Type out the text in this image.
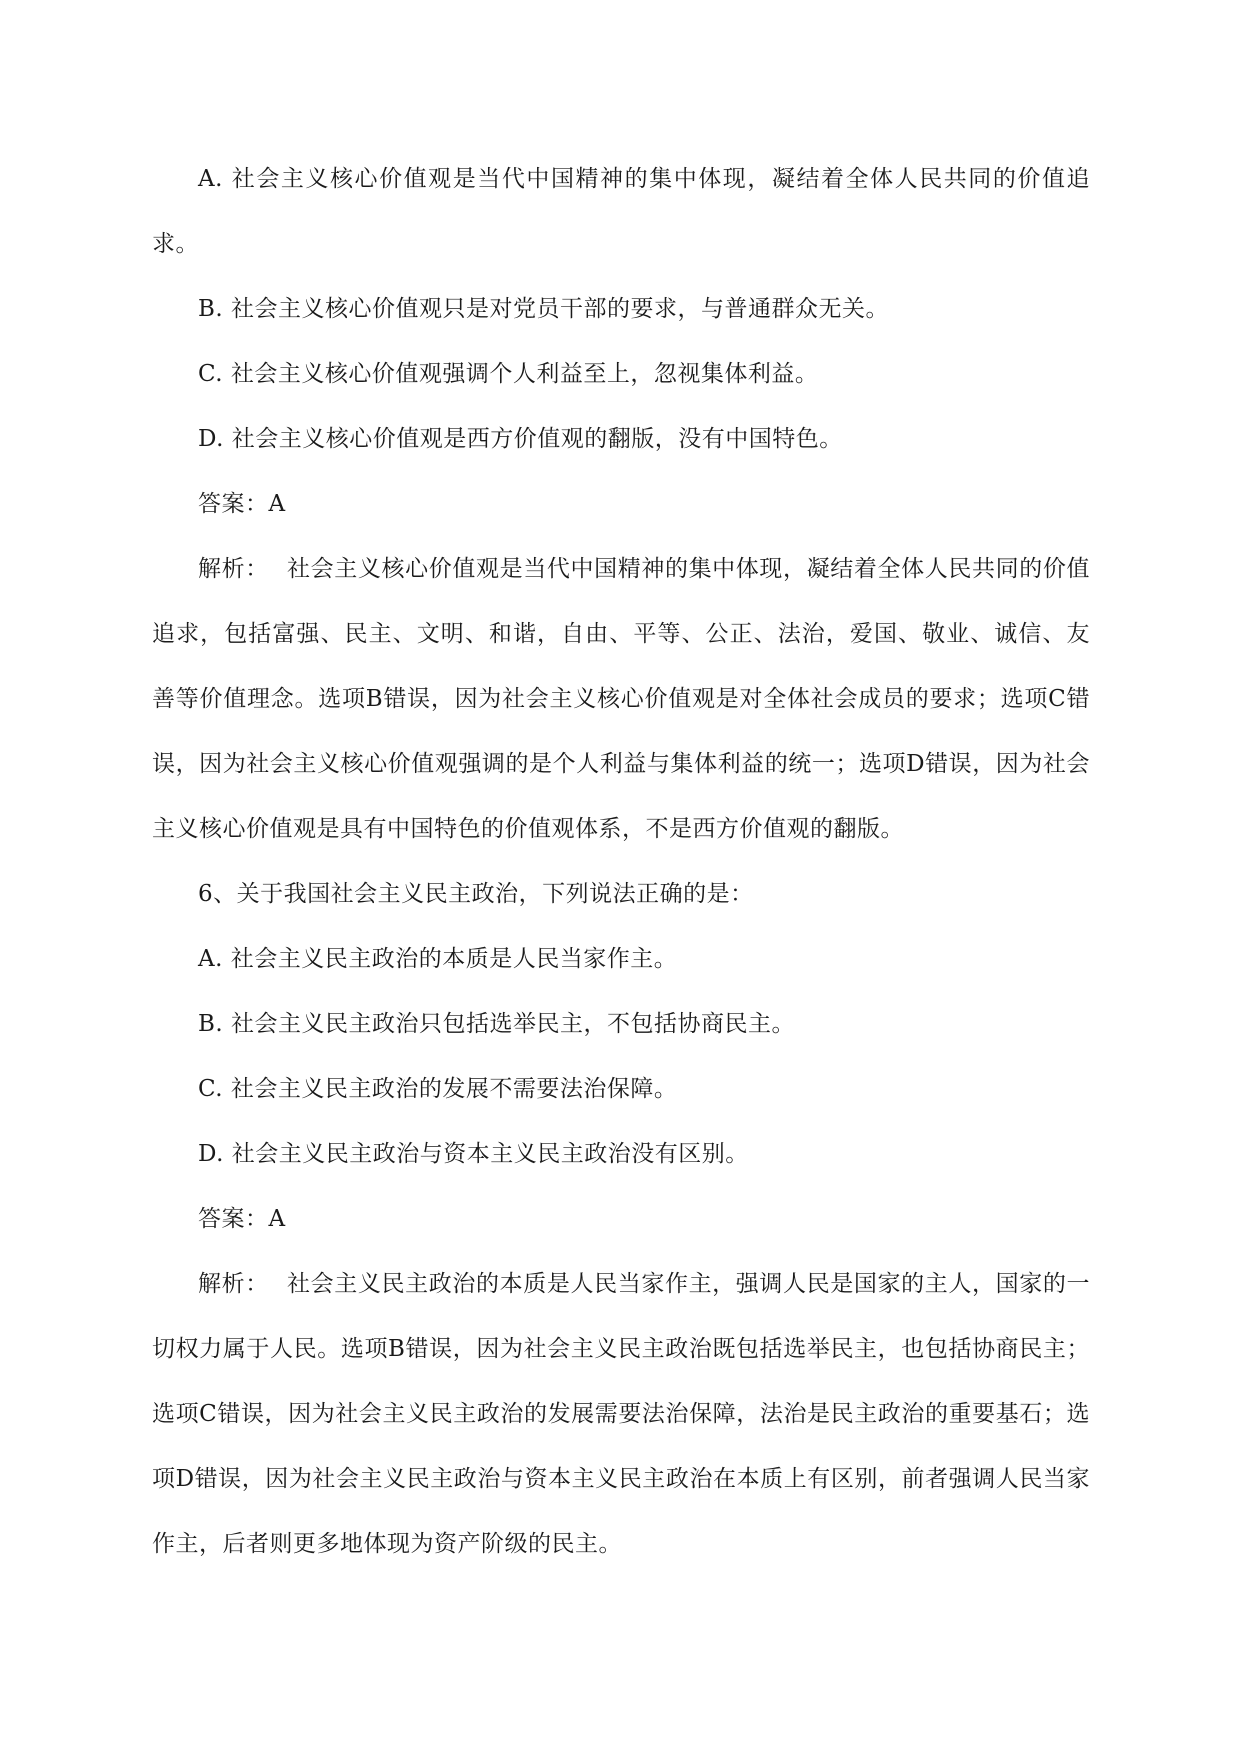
A. 社会主义核心价值观是当代中国精神的集中体现，凝结着全体人民共同的价值追求。

B. 社会主义核心价值观只是对党员干部的要求，与普通群众无关。

C. 社会主义核心价值观强调个人利益至上，忽视集体利益。

D. 社会主义核心价值观是西方价值观的翻版，没有中国特色。

答案：A

解析： 社会主义核心价值观是当代中国精神的集中体现，凝结着全体人民共同的价值追求，包括富强、民主、文明、和谐，自由、平等、公正、法治，爱国、敬业、诚信、友善等价值理念。选项B错误，因为社会主义核心价值观是对全体社会成员的要求；选项C错误，因为社会主义核心价值观强调的是个人利益与集体利益的统一；选项D错误，因为社会主义核心价值观是具有中国特色的价值观体系，不是西方价值观的翻版。

6、关于我国社会主义民主政治，下列说法正确的是：

A. 社会主义民主政治的本质是人民当家作主。

B. 社会主义民主政治只包括选举民主，不包括协商民主。

C. 社会主义民主政治的发展不需要法治保障。

D. 社会主义民主政治与资本主义民主政治没有区别。

答案：A

解析： 社会主义民主政治的本质是人民当家作主，强调人民是国家的主人，国家的一切权力属于人民。选项B错误，因为社会主义民主政治既包括选举民主，也包括协商民主；选项C错误，因为社会主义民主政治的发展需要法治保障，法治是民主政治的重要基石；选项D错误，因为社会主义民主政治与资本主义民主政治在本质上有区别，前者强调人民当家作主，后者则更多地体现为资产阶级的民主。
